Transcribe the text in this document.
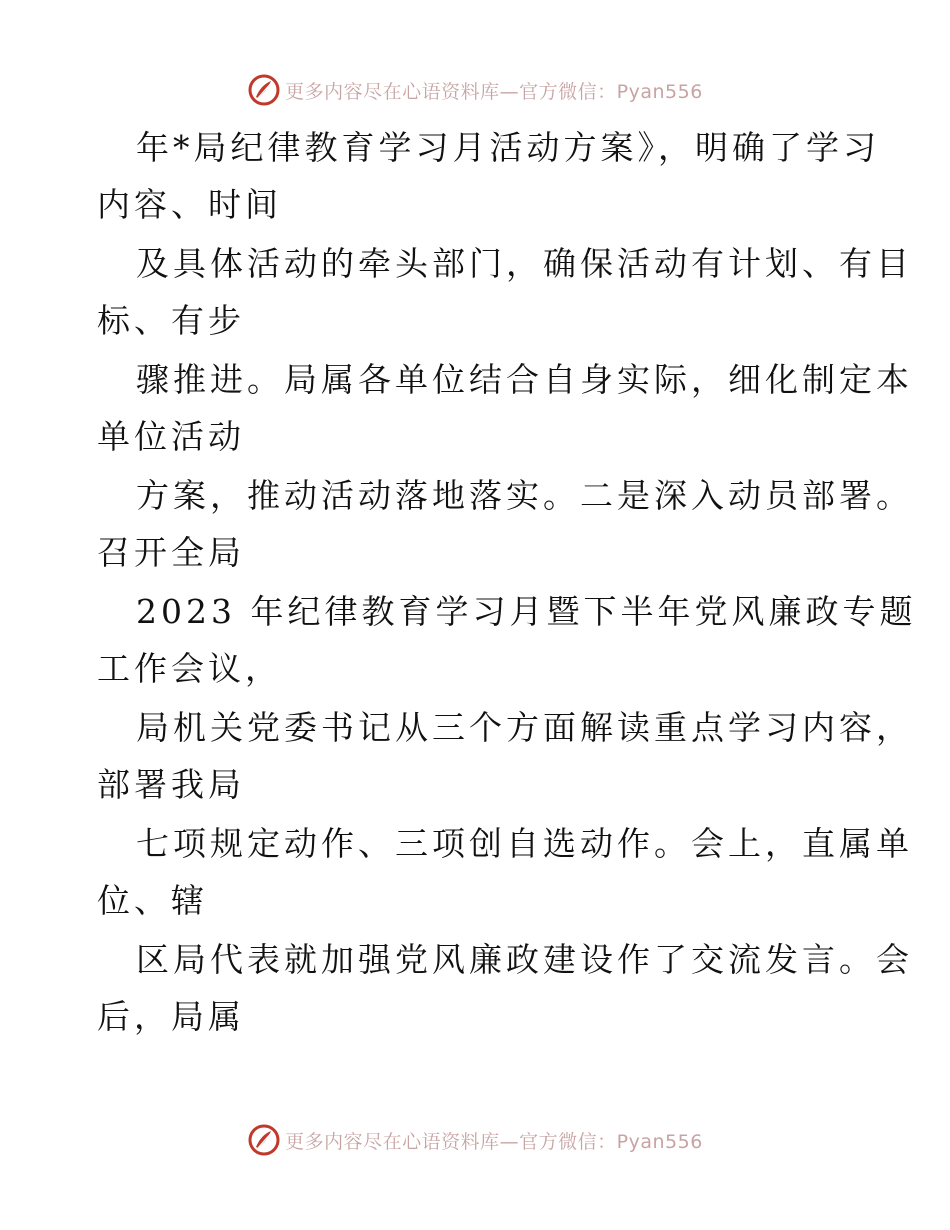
更多内容尽在心语资料库—官方微信：Pyan556
年*局纪律教育学习月活动方案》，明确了学习
内容、时间
及具体活动的牵头部门，确保活动有计划、有目
标、有步
骤推进。局属各单位结合自身实际，细化制定本
单位活动
方案，推动活动落地落实。二是深入动员部署。
召开全局
2023 年纪律教育学习月暨下半年党风廉政专题
工作会议，
局机关党委书记从三个方面解读重点学习内容，
部署我局
七项规定动作、三项创自选动作。会上，直属单
位、辖
区局代表就加强党风廉政建设作了交流发言。会
后，局属
更多内容尽在心语资料库—官方微信：Pyan556
